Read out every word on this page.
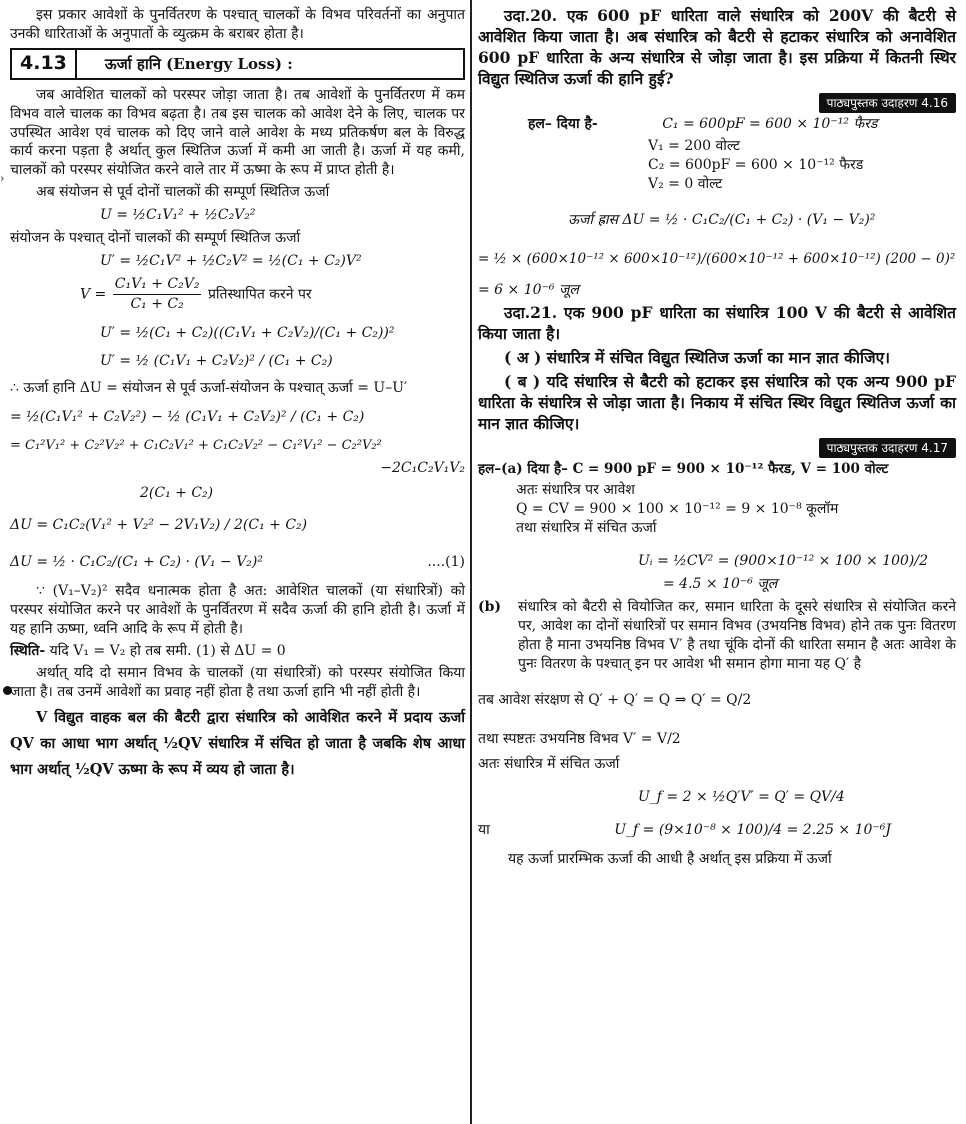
›

इस प्रकार आवेशों के पुनर्वितरण के पश्चात् चालकों के विभव परिवर्तनों का अनुपात उनकी धारिताओं के अनुपातों के व्युत्क्रम के बराबर होता है।

4.13	ऊर्जा हानि (Energy Loss) :

जब आवेशित चालकों को परस्पर जोड़ा जाता है। तब आवेशों के पुनर्वितरण में कम विभव वाले चालक का विभव बढ़ता है। तब इस चालक को आवेश देने के लिए, चालक पर उपस्थित आवेश एवं चालक को दिए जाने वाले आवेश के मध्य प्रतिकर्षण बल के विरुद्ध कार्य करना पड़ता है अर्थात् कुल स्थितिज ऊर्जा में कमी आ जाती है। ऊर्जा में यह कमी, चालकों को परस्पर संयोजित करने वाले तार में ऊष्मा के रूप में प्राप्त होती है।

अब संयोजन से पूर्व दोनों चालकों की सम्पूर्ण स्थितिज ऊर्जा

U = ½C₁V₁² + ½C₂V₂²

संयोजन के पश्चात् दोनों चालकों की सम्पूर्ण स्थितिज ऊर्जा

U′ = ½C₁V² + ½C₂V² = ½(C₁ + C₂)V²
$V = \frac{\text{C₁V₁ + C₂V₂}}{\text{C₁ + C₂}}$ प्रतिस्थापित करने पर
U′ = ½(C₁ + C₂)((C₁V₁ + C₂V₂)/(C₁ + C₂))²
U′ = ½ (C₁V₁ + C₂V₂)² / (C₁ + C₂)

∴ ऊर्जा हानि ΔU = संयोजन से पूर्व ऊर्जा-संयोजन के पश्चात् ऊर्जा = U–U′

= ½(C₁V₁² + C₂V₂²) − ½ (C₁V₁ + C₂V₂)² / (C₁ + C₂)
= C₁²V₁² + C₂²V₂² + C₁C₂V₁² + C₁C₂V₂² − C₁²V₁² − C₂²V₂²
−2C₁C₂V₁V₂
2(C₁ + C₂)
ΔU = C₁C₂(V₁² + V₂² − 2V₁V₂) / 2(C₁ + C₂)
ΔU = ½ · C₁C₂/(C₁ + C₂) · (V₁ − V₂)²	....(1)

∵ (V₁–V₂)² सदैव धनात्मक होता है अत: आवेशित चालकों (या संधारित्रों) को परस्पर संयोजित करने पर आवेशों के पुनर्वितरण में सदैव ऊर्जा की हानि होती है। ऊर्जा में यह हानि ऊष्मा, ध्वनि आदि के रूप में होती है।

स्थिति- यदि V₁ = V₂ हो तब समी. (1) से ΔU = 0

अर्थात् यदि दो समान विभव के चालकों (या संधारित्रों) को परस्पर संयोजित किया जाता है। तब उनमें आवेशों का प्रवाह नहीं होता है तथा ऊर्जा हानि भी नहीं होती है।

V विद्युत वाहक बल की बैटरी द्वारा संधारित्र को आवेशित करने में प्रदाय ऊर्जा QV का आधा भाग अर्थात् ½QV संधारित्र में संचित हो जाता है जबकि शेष आधा भाग अर्थात् ½QV ऊष्मा के रूप में व्यय हो जाता है।

उदा.20. एक 600 pF धारिता वाले संधारित्र को 200V की बैटरी से आवेशित किया जाता है। अब संधारित्र को बैटरी से हटाकर संधारित्र को अनावेशित 600 pF धारिता के अन्य संधारित्र से जोड़ा जाता है। इस प्रक्रिया में कितनी स्थिर विद्युत स्थितिज ऊर्जा की हानि हुई?

पाठ्यपुस्तक उदाहरण 4.16

हल– दिया है-	C₁ = 600pF = 600 × 10⁻¹² फैरड

V₁ = 200 वोल्ट
C₂ = 600pF = 600 × 10⁻¹² फैरड
V₂ = 0 वोल्ट
ऊर्जा ह्रास ΔU = ½ · C₁C₂/(C₁ + C₂) · (V₁ − V₂)²
= ½ × (600×10⁻¹² × 600×10⁻¹²)/(600×10⁻¹² + 600×10⁻¹²) (200 − 0)²
= 6 × 10⁻⁶ जूल

उदा.21. एक 900 pF धारिता का संधारित्र 100 V की बैटरी से आवेशित किया जाता है।

( अ ) संधारित्र में संचित विद्युत स्थितिज ऊर्जा का मान ज्ञात कीजिए।

( ब ) यदि संधारित्र से बैटरी को हटाकर इस संधारित्र को एक अन्य 900 pF धारिता के संधारित्र से जोड़ा जाता है। निकाय में संचित स्थिर विद्युत स्थितिज ऊर्जा का मान ज्ञात कीजिए।

पाठ्यपुस्तक उदाहरण 4.17

हल–(a) दिया है– C = 900 pF = 900 × 10⁻¹² फैरड, V = 100 वोल्ट

अतः संधारित्र पर आवेश
Q = CV = 900 × 100 × 10⁻¹² = 9 × 10⁻⁸ कूलॉम
तथा संधारित्र में संचित ऊर्जा
Uᵢ = ½CV² = (900×10⁻¹² × 100 × 100)/2
= 4.5 × 10⁻⁶ जूल
(b)	संधारित्र को बैटरी से वियोजित कर, समान धारिता के दूसरे संधारित्र से संयोजित करने पर, आवेश का दोनों संधारित्रों पर समान विभव (उभयनिष्ठ विभव) होने तक पुनः वितरण होता है माना उभयनिष्ठ विभव V′ है तथा चूंकि दोनों की धारिता समान है अतः आवेश के पुनः वितरण के पश्चात् इन पर आवेश भी समान होगा माना यह Q′ है

तब आवेश संरक्षण से Q′ + Q′ = Q ⇒ Q′ = Q/2
तथा स्पष्टतः उभयनिष्ठ विभव V′ = V/2
अतः संधारित्र में संचित ऊर्जा
U_f = 2 × ½Q′V′ = Q′ = QV/4
या	U_f = (9×10⁻⁸ × 100)/4 = 2.25 × 10⁻⁶J
यह ऊर्जा प्रारम्भिक ऊर्जा की आधी है अर्थात् इस प्रक्रिया में ऊर्जा
